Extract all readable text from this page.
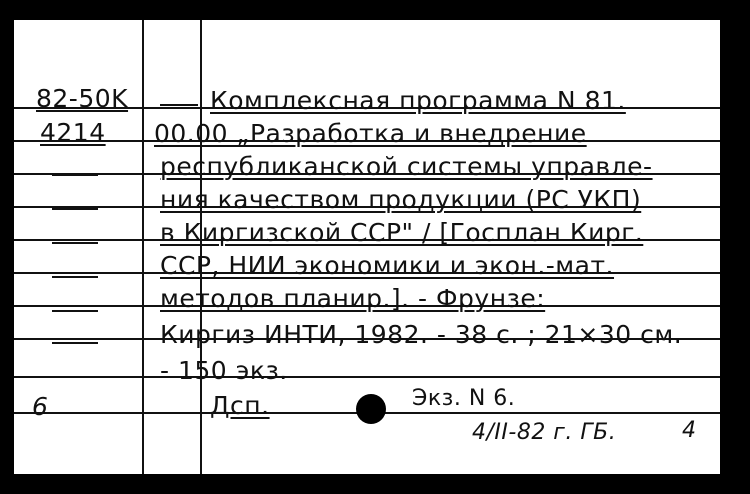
82-50K
4214
6
Комплексная программа N 81.
00.00 „Разработка и внедрение
республиканской системы управле-
ния качеством продукции (РС УКП)
в Киргизской ССР" / [Госплан Кирг.
ССР, НИИ экономики и экон.-мат.
методов планир.]. - Фрунзе:
Киргиз ИНТИ, 1982. - 38 с. ; 21×30 см.
- 150 экз.
Дсп.	Экз. N 6.
4/II-82 г. ГБ.	4
